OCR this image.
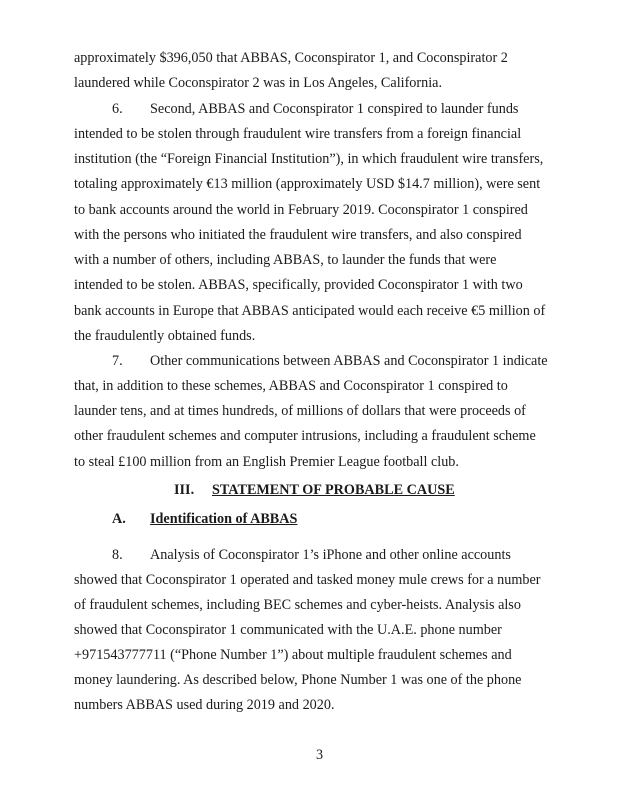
approximately $396,050 that ABBAS, Coconspirator 1, and Coconspirator 2
laundered while Coconspirator 2 was in Los Angeles, California.
6. Second, ABBAS and Coconspirator 1 conspired to launder funds
intended to be stolen through fraudulent wire transfers from a foreign financial
institution (the “Foreign Financial Institution”), in which fraudulent wire transfers,
totaling approximately €13 million (approximately USD $14.7 million), were sent
to bank accounts around the world in February 2019. Coconspirator 1 conspired
with the persons who initiated the fraudulent wire transfers, and also conspired
with a number of others, including ABBAS, to launder the funds that were
intended to be stolen. ABBAS, specifically, provided Coconspirator 1 with two
bank accounts in Europe that ABBAS anticipated would each receive €5 million of
the fraudulently obtained funds.
7. Other communications between ABBAS and Coconspirator 1 indicate
that, in addition to these schemes, ABBAS and Coconspirator 1 conspired to
launder tens, and at times hundreds, of millions of dollars that were proceeds of
other fraudulent schemes and computer intrusions, including a fraudulent scheme
to steal £100 million from an English Premier League football club.
III. STATEMENT OF PROBABLE CAUSE
A. Identification of ABBAS
8. Analysis of Coconspirator 1’s iPhone and other online accounts
showed that Coconspirator 1 operated and tasked money mule crews for a number
of fraudulent schemes, including BEC schemes and cyber-heists. Analysis also
showed that Coconspirator 1 communicated with the U.A.E. phone number
+971543777711 (“Phone Number 1”) about multiple fraudulent schemes and
money laundering. As described below, Phone Number 1 was one of the phone
numbers ABBAS used during 2019 and 2020.
3
